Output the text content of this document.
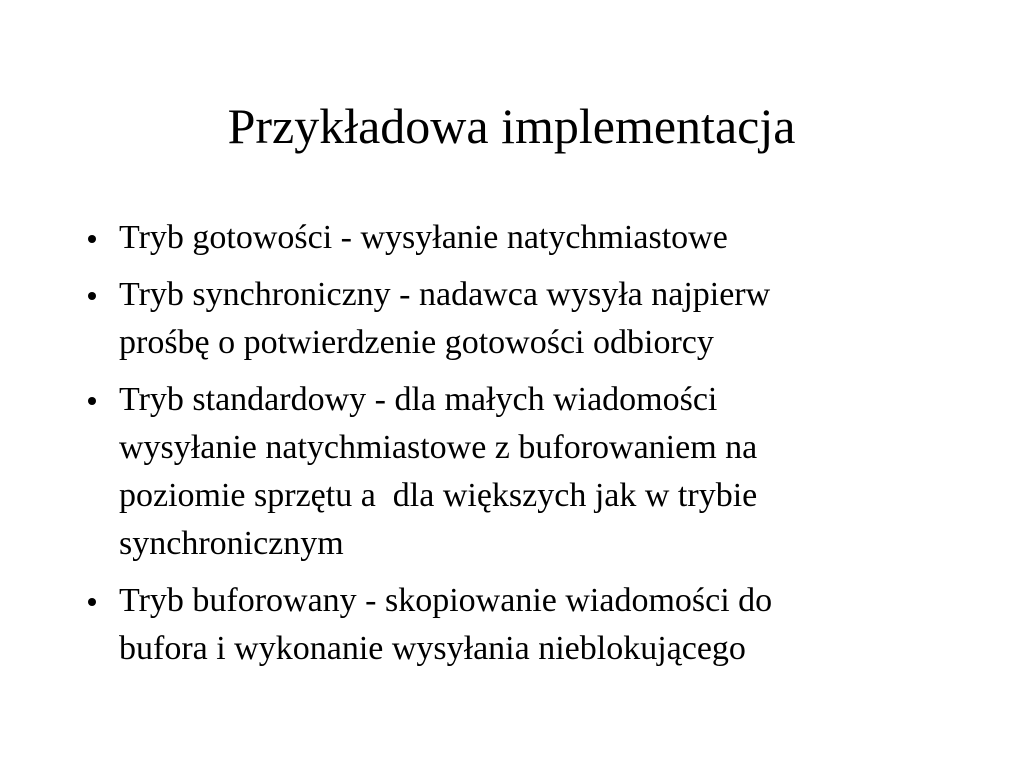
Przykładowa implementacja
Tryb gotowości - wysyłanie natychmiastowe
Tryb synchroniczny - nadawca wysyła najpierw
prośbę o potwierdzenie gotowości odbiorcy
Tryb standardowy - dla małych wiadomości
wysyłanie natychmiastowe z buforowaniem na
poziomie sprzętu a  dla większych jak w trybie
synchronicznym
Tryb buforowany - skopiowanie wiadomości do
bufora i wykonanie wysyłania nieblokującego
